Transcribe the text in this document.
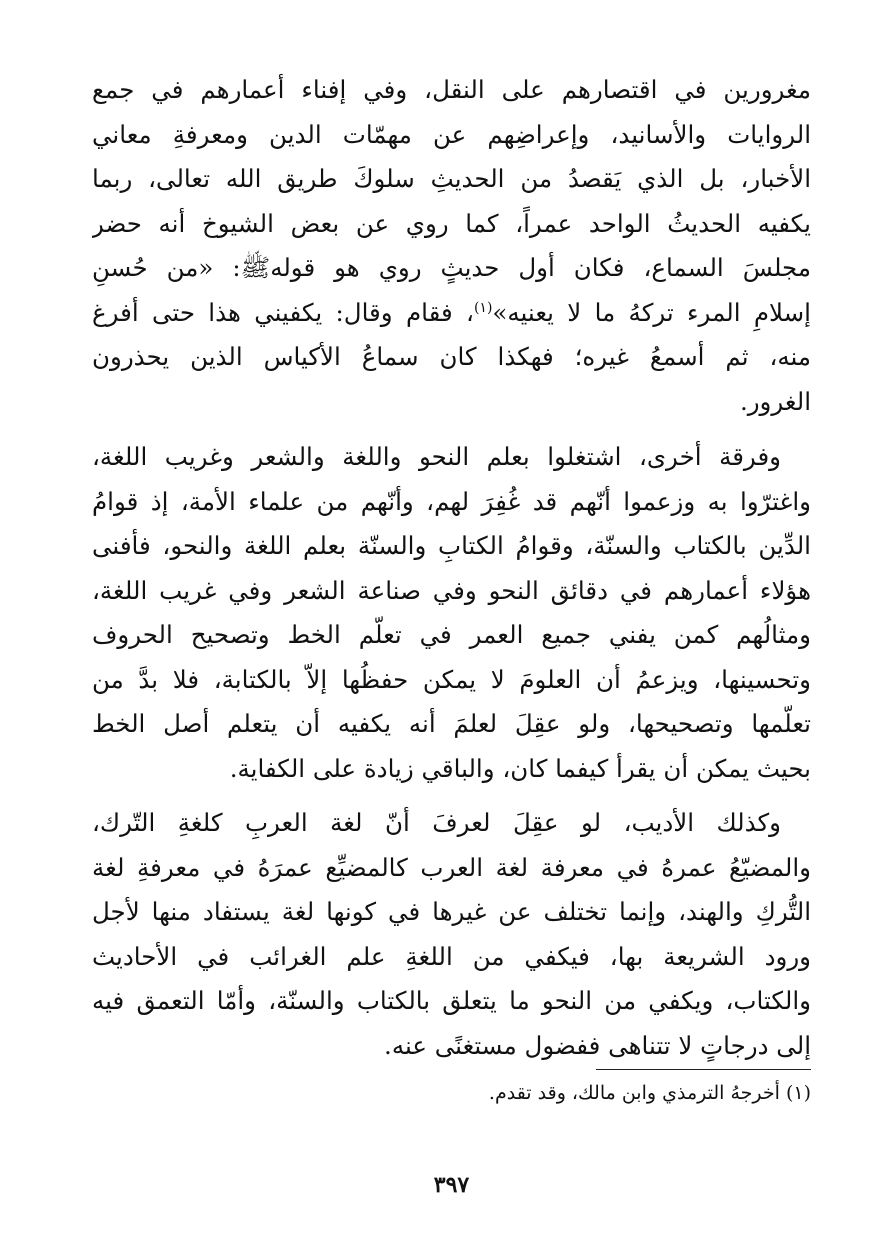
مغرورين في اقتصارهم على النقل، وفي إفناء أعمارهم في جمع
الروايات والأسانيد، وإعراضِهم عن مهمّات الدين ومعرفةِ معاني
الأخبار، بل الذي يَقصدُ من الحديثِ سلوكَ طريق الله تعالى، ربما
يكفيه الحديثُ الواحد عمراً، كما روي عن بعض الشيوخ أنه حضر
مجلسَ السماع، فكان أول حديثٍ روي هو قولهﷺ: «من حُسنِ
إسلامِ المرء تركهُ ما لا يعنيه»$^{(١)}$، فقام وقال: يكفيني هذا حتى أفرغ
منه، ثم أسمعُ غيره؛ فهكذا كان سماعُ الأكياس الذين يحذرون
الغرور.

وفرقة أخرى، اشتغلوا بعلم النحو واللغة والشعر وغريب اللغة،
واغترّوا به وزعموا أنّهم قد غُفِرَ لهم، وأنّهم من علماء الأمة، إذ قوامُ
الدِّين بالكتاب والسنّة، وقوامُ الكتابِ والسنّة بعلم اللغة والنحو، فأفنى
هؤلاء أعمارهم في دقائق النحو وفي صناعة الشعر وفي غريب اللغة،
ومثالُهم كمن يفني جميع العمر في تعلّم الخط وتصحيح الحروف
وتحسينها، ويزعمُ أن العلومَ لا يمكن حفظُها إلاّ بالكتابة، فلا بدَّ من
تعلّمها وتصحيحها، ولو عقِلَ لعلمَ أنه يكفيه أن يتعلم أصل الخط
بحيث يمكن أن يقرأ كيفما كان، والباقي زيادة على الكفاية.

وكذلك الأديب، لو عقِلَ لعرفَ أنّ لغة العربِ كلغةِ التّرك،
والمضيّعُ عمرهُ في معرفة لغة العرب كالمضيِّع عمرَهُ في معرفةِ لغة
التُّركِ والهند، وإنما تختلف عن غيرها في كونها لغة يستفاد منها لأجل
ورود الشريعة بها، فيكفي من اللغةِ علم الغرائب في الأحاديث
والكتاب، ويكفي من النحو ما يتعلق بالكتاب والسنّة، وأمّا التعمق فيه
إلى درجاتٍ لا تتناهى ففضول مستغنًى عنه.

(١) أخرجهُ الترمذي وابن مالك، وقد تقدم.
٣٩٧
